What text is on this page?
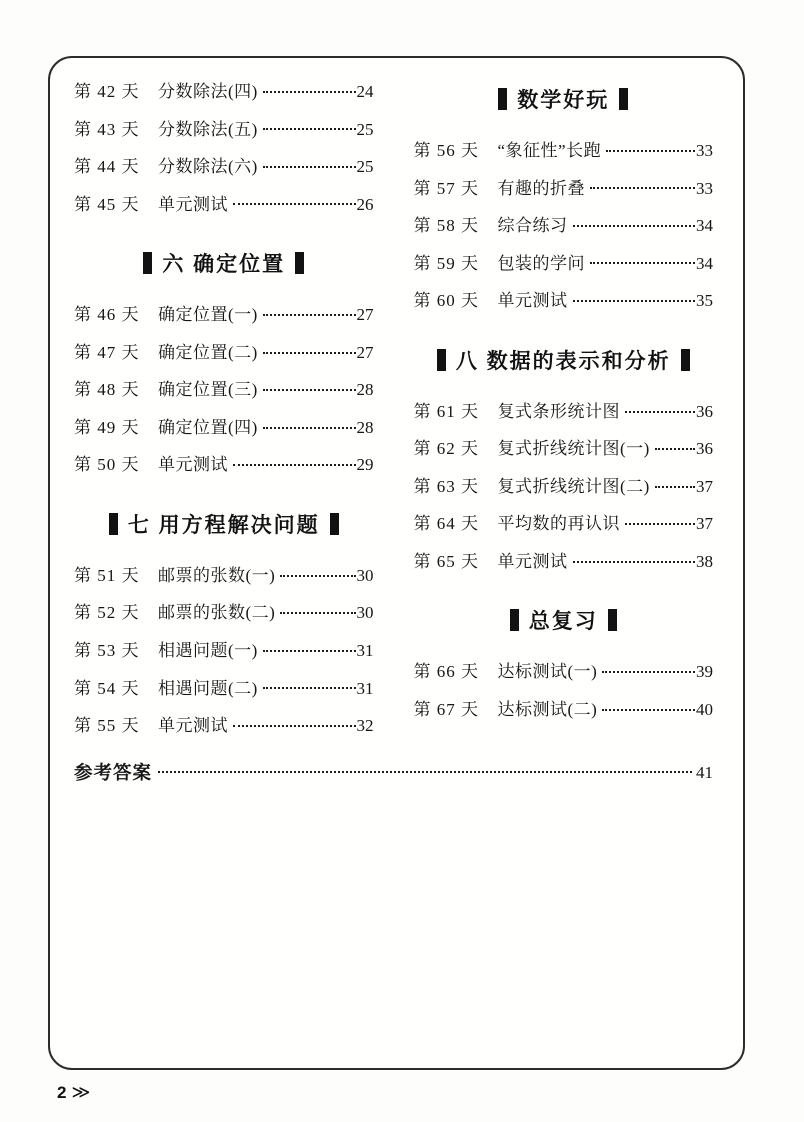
第 42 天	分数除法(四)	24
第 43 天	分数除法(五)	25
第 44 天	分数除法(六)	25
第 45 天	单元测试	26
六 确定位置
第 46 天	确定位置(一)	27
第 47 天	确定位置(二)	27
第 48 天	确定位置(三)	28
第 49 天	确定位置(四)	28
第 50 天	单元测试	29
七 用方程解决问题
第 51 天	邮票的张数(一)	30
第 52 天	邮票的张数(二)	30
第 53 天	相遇问题(一)	31
第 54 天	相遇问题(二)	31
第 55 天	单元测试	32
数学好玩
第 56 天	“象征性”长跑	33
第 57 天	有趣的折叠	33
第 58 天	综合练习	34
第 59 天	包装的学问	34
第 60 天	单元测试	35
八 数据的表示和分析
第 61 天	复式条形统计图	36
第 62 天	复式折线统计图(一)	36
第 63 天	复式折线统计图(二)	37
第 64 天	平均数的再认识	37
第 65 天	单元测试	38
总复习
第 66 天	达标测试(一)	39
第 67 天	达标测试(二)	40
参考答案	41
2 ≫
